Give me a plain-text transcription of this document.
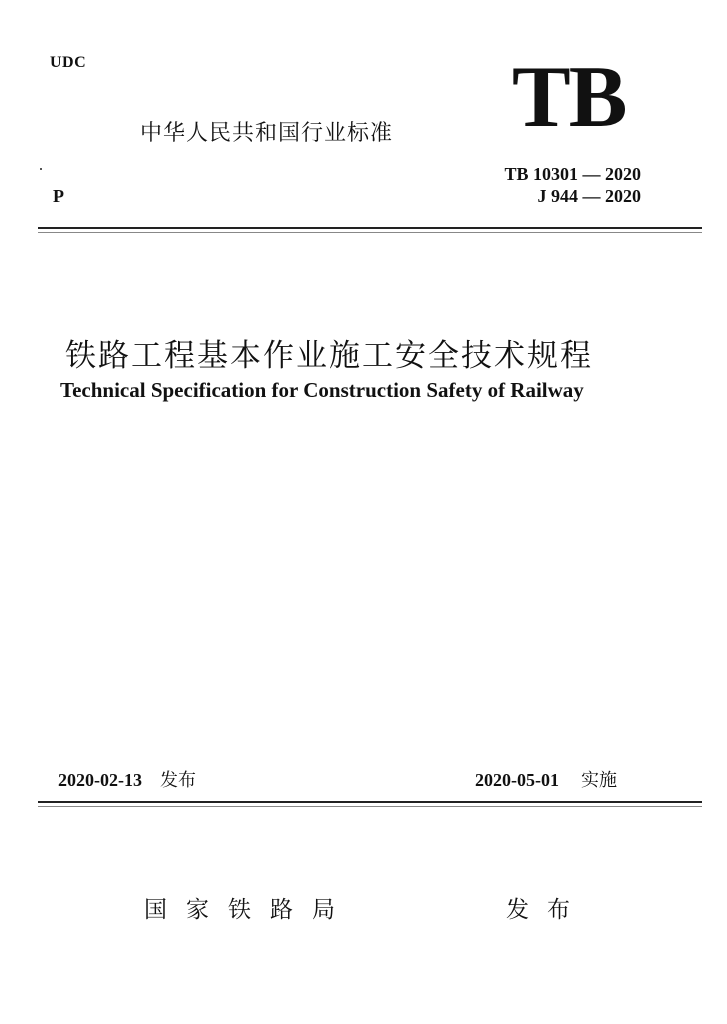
UDC
中华人民共和国行业标准 TB
TB 10301 — 2020
J 944 — 2020
P
铁路工程基本作业施工安全技术规程
Technical Specification for Construction Safety of Railway
2020-02-13 发布	2020-05-01 实施
国家铁路局	发布
